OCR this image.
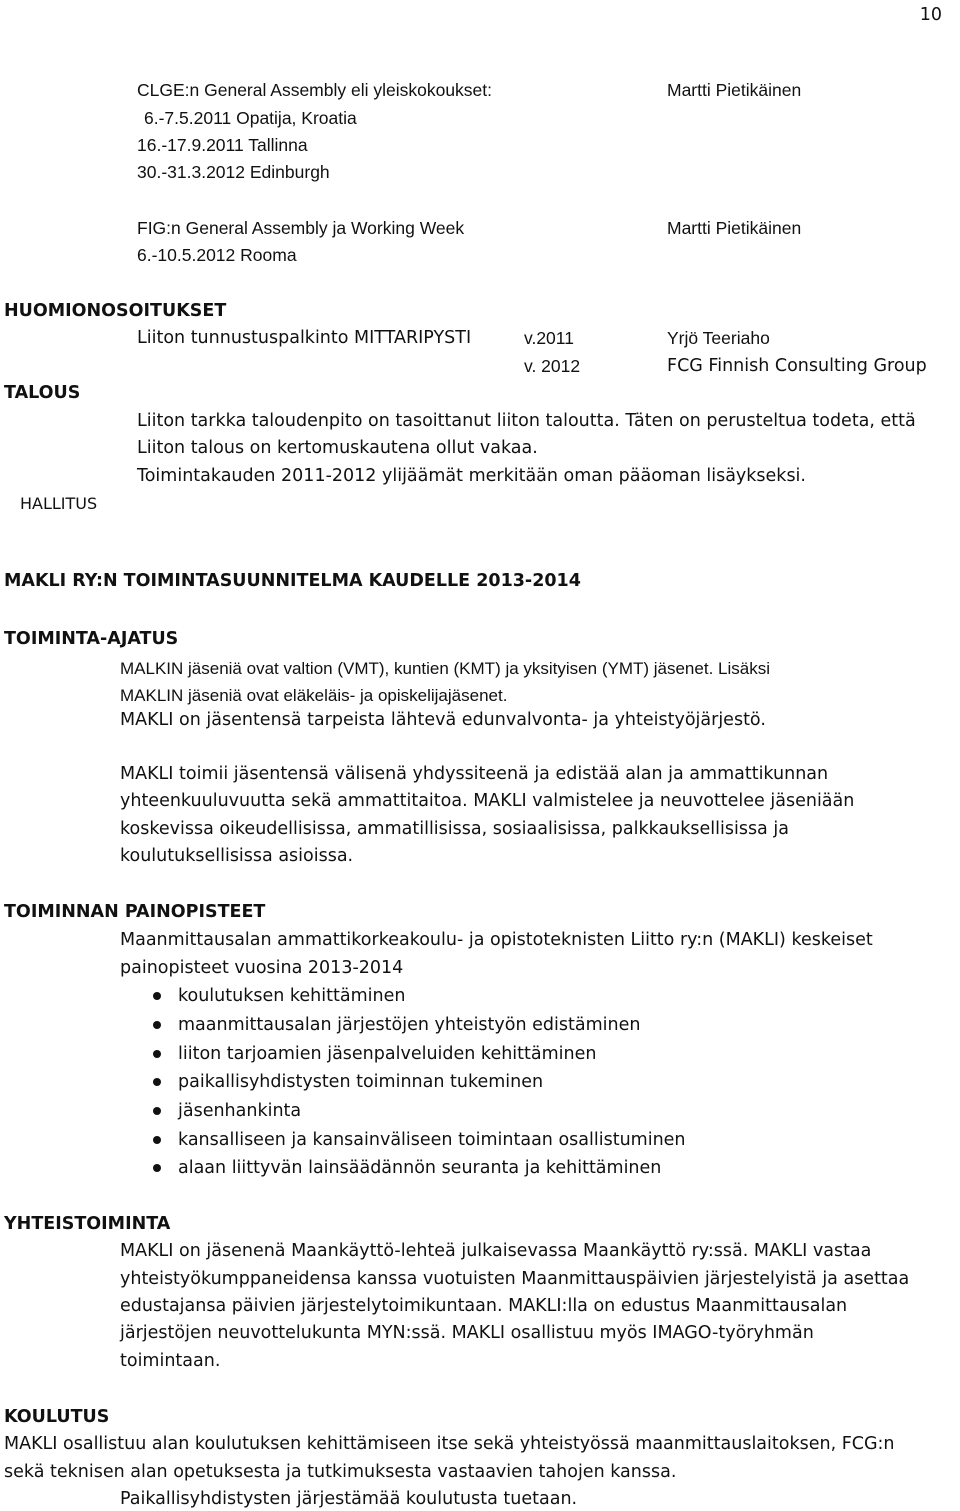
10
CLGE:n General Assembly eli yleiskokoukset:
6.-7.5.2011 Opatija, Kroatia
16.-17.9.2011 Tallinna
30.-31.3.2012 Edinburgh
Martti Pietikäinen
FIG:n General Assembly ja Working Week
6.-10.5.2012 Rooma
Martti Pietikäinen
HUOMIONOSOITUKSET
Liiton tunnustuspalkinto MITTARIPYSTI	v.2011	Yrjö Teeriaho
v. 2012	FCG Finnish Consulting Group
TALOUS
Liiton tarkka taloudenpito on tasoittanut liiton taloutta. Täten on perusteltua todeta, että
Liiton talous on kertomuskautena ollut vakaa.
Toimintakauden 2011-2012 ylijäämät merkitään oman pääoman lisäykseksi.
HALLITUS
MAKLI RY:N TOIMINTASUUNNITELMA KAUDELLE 2013-2014
TOIMINTA-AJATUS
MALKIN jäseniä ovat valtion (VMT), kuntien (KMT) ja yksityisen (YMT) jäsenet. Lisäksi
MAKLIN jäseniä ovat eläkeläis- ja opiskelijajäsenet.
MAKLI on jäsentensä tarpeista lähtevä edunvalvonta- ja yhteistyöjärjestö.
MAKLI toimii jäsentensä välisenä yhdyssiteenä ja edistää alan ja ammattikunnan
yhteenkuuluvuutta sekä ammattitaitoa. MAKLI valmistelee ja neuvottelee jäseniään
koskevissa oikeudellisissa, ammatillisissa, sosiaalisissa, palkkauksellisissa ja
koulutuksellisissa asioissa.
TOIMINNAN PAINOPISTEET
Maanmittausalan ammattikorkeakoulu- ja opistoteknisten Liitto ry:n (MAKLI) keskeiset
painopisteet vuosina 2013-2014
koulutuksen kehittäminen
maanmittausalan järjestöjen yhteistyön edistäminen
liiton tarjoamien jäsenpalveluiden kehittäminen
paikallisyhdistysten toiminnan tukeminen
jäsenhankinta
kansalliseen ja kansainväliseen toimintaan osallistuminen
alaan liittyvän lainsäädännön seuranta ja kehittäminen
YHTEISTOIMINTA
MAKLI on jäsenenä Maankäyttö-lehteä julkaisevassa Maankäyttö ry:ssä. MAKLI vastaa
yhteistyökumppaneidensa kanssa vuotuisten Maanmittauspäivien järjestelyistä ja asettaa
edustajansa päivien järjestelytoimikuntaan. MAKLI:lla on edustus Maanmittausalan
järjestöjen neuvottelukunta MYN:ssä. MAKLI osallistuu myös IMAGO-työryhmän
toimintaan.
KOULUTUS
MAKLI osallistuu alan koulutuksen kehittämiseen itse sekä yhteistyössä maanmittauslaitoksen, FCG:n
sekä teknisen alan opetuksesta ja tutkimuksesta vastaavien tahojen kanssa.
Paikallisyhdistysten järjestämää koulutusta tuetaan.
